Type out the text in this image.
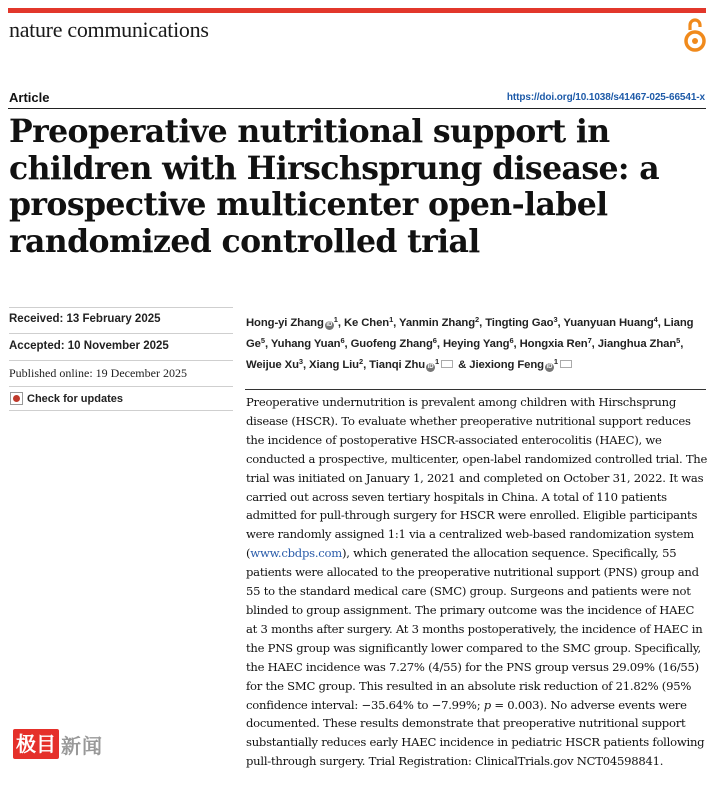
nature communications
Article	https://doi.org/10.1038/s41467-025-66541-x
Preoperative nutritional support in children with Hirschsprung disease: a prospective multicenter open-label randomized controlled trial
Received: 13 February 2025
Accepted: 10 November 2025
Published online: 19 December 2025
Check for updates
Hong-yi Zhang $iD^1$, Ke Chen$^1$, Yanmin Zhang$^2$, Tingting Gao$^3$, Yuanyuan Huang$^4$, Liang Ge$^5$, Yuhang Yuan$^6$, Guofeng Zhang$^6$, Heying Yang$^6$, Hongxia Ren$^7$, Jianghua Zhan$^5$, Weijue Xu$^3$, Xiang Liu$^2$, Tianqi Zhu $iD^1$ & Jiexiong Feng $iD^1$
Preoperative undernutrition is prevalent among children with Hirschsprung disease (HSCR). To evaluate whether preoperative nutritional support reduces the incidence of postoperative HSCR-associated enterocolitis (HAEC), we conducted a prospective, multicenter, open-label randomized controlled trial. The trial was initiated on January 1, 2021 and completed on October 31, 2022. It was carried out across seven tertiary hospitals in China. A total of 110 patients admitted for pull-through surgery for HSCR were enrolled. Eligible participants were randomly assigned 1:1 via a centralized web-based randomization system (www.cbdps.com), which generated the allocation sequence. Specifically, 55 patients were allocated to the preoperative nutritional support (PNS) group and 55 to the standard medical care (SMC) group. Surgeons and patients were not blinded to group assignment. The primary outcome was the incidence of HAEC at 3 months after surgery. At 3 months postoperatively, the incidence of HAEC in the PNS group was significantly lower compared to the SMC group. Specifically, the HAEC incidence was 7.27% (4/55) for the PNS group versus 29.09% (16/55) for the SMC group. This resulted in an absolute risk reduction of 21.82% (95% confidence interval: −35.64% to −7.99%; p = 0.003). No adverse events were documented. These results demonstrate that preoperative nutritional support substantially reduces early HAEC incidence in pediatric HSCR patients following pull-through surgery. Trial Registration: ClinicalTrials.gov NCT04598841.
极目 新闻
